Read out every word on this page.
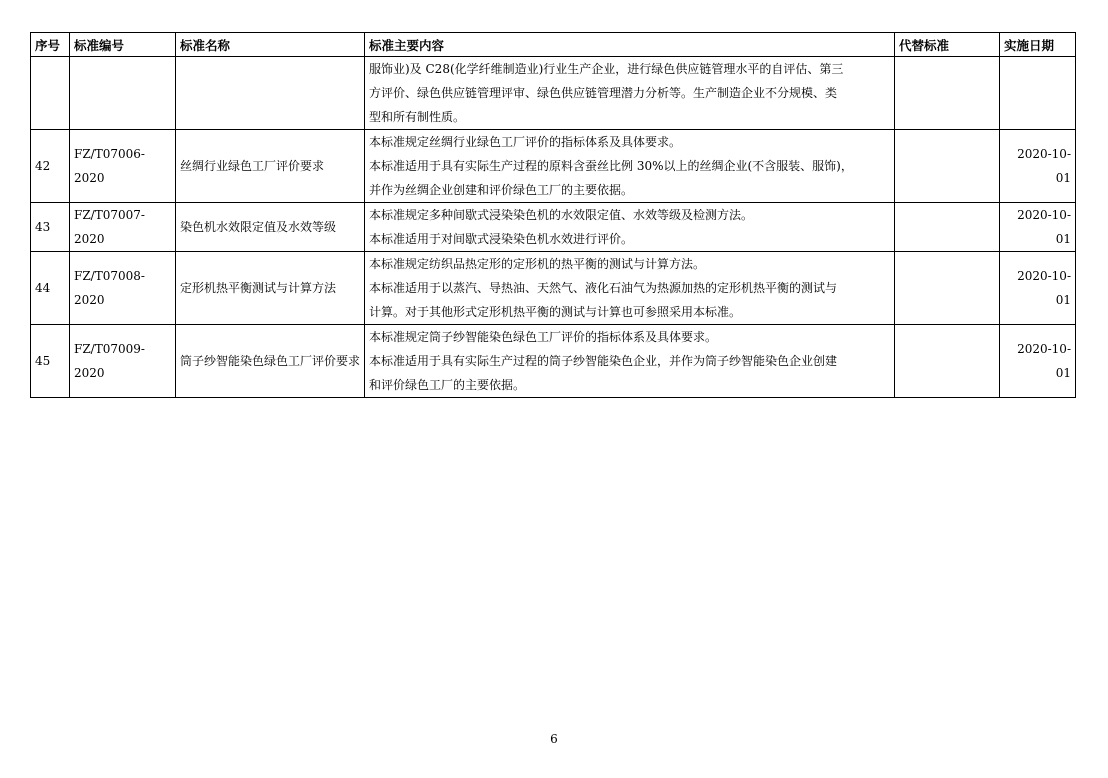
序号	标准编号	标准名称	标准主要内容	代替标准	实施日期

			服饰业)及 C28(化学纤维制造业)行业生产企业，进行绿色供应链管理水平的自评估、第三
方评价、绿色供应链管理评审、绿色供应链管理潜力分析等。生产制造企业不分规模、类
型和所有制性质。		

42	FZ/T07006-2020	丝绸行业绿色工厂评价要求	本标准规定丝绸行业绿色工厂评价的指标体系及具体要求。
本标准适用于具有实际生产过程的原料含蚕丝比例 30%以上的丝绸企业(不含服装、服饰)，
并作为丝绸企业创建和评价绿色工厂的主要依据。		2020-10-01
43	FZ/T07007-2020	染色机水效限定值及水效等级	本标准规定多种间歇式浸染染色机的水效限定值、水效等级及检测方法。
本标准适用于对间歇式浸染染色机水效进行评价。		2020-10-01
44	FZ/T07008-2020	定形机热平衡测试与计算方法	本标准规定纺织品热定形的定形机的热平衡的测试与计算方法。
本标准适用于以蒸汽、导热油、天然气、液化石油气为热源加热的定形机热平衡的测试与
计算。对于其他形式定形机热平衡的测试与计算也可参照采用本标准。		2020-10-01
45	FZ/T07009-2020	筒子纱智能染色绿色工厂评价要求	本标准规定筒子纱智能染色绿色工厂评价的指标体系及具体要求。
本标准适用于具有实际生产过程的筒子纱智能染色企业，并作为筒子纱智能染色企业创建
和评价绿色工厂的主要依据。		2020-10-01
6
